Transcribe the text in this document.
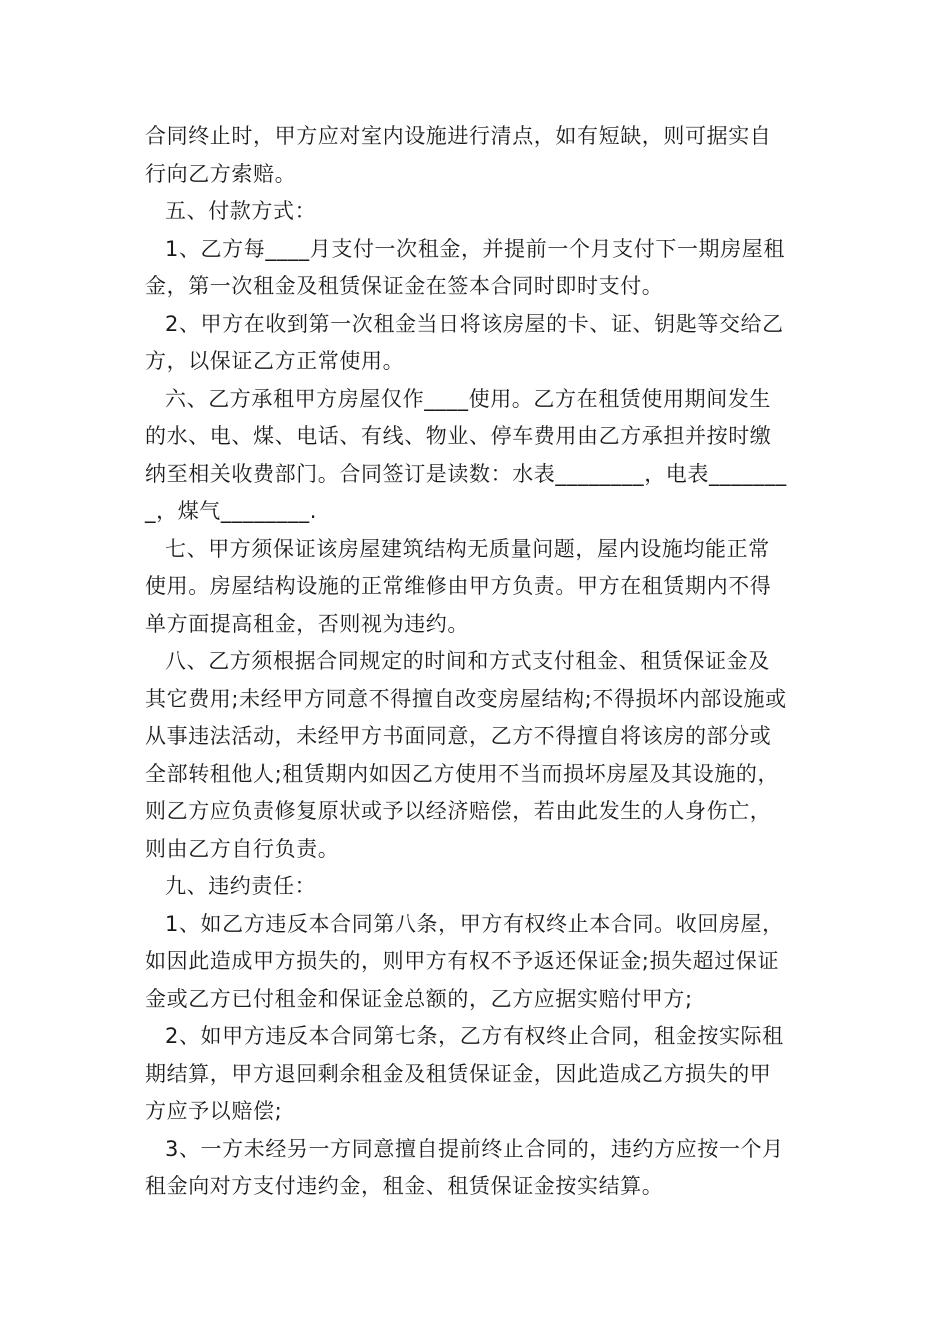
合同终止时，甲方应对室内设施进行清点，如有短缺，则可据实自
行向乙方索赔。
五、付款方式：
1、乙方每____月支付一次租金，并提前一个月支付下一期房屋租
金，第一次租金及租赁保证金在签本合同时即时支付。
2、甲方在收到第一次租金当日将该房屋的卡、证、钥匙等交给乙
方，以保证乙方正常使用。
六、乙方承租甲方房屋仅作____使用。乙方在租赁使用期间发生
的水、电、煤、电话、有线、物业、停车费用由乙方承担并按时缴
纳至相关收费部门。合同签订是读数：水表________，电表_______
_，煤气________.
七、甲方须保证该房屋建筑结构无质量问题，屋内设施均能正常
使用。房屋结构设施的正常维修由甲方负责。甲方在租赁期内不得
单方面提高租金，否则视为违约。
八、乙方须根据合同规定的时间和方式支付租金、租赁保证金及
其它费用;未经甲方同意不得擅自改变房屋结构;不得损坏内部设施或
从事违法活动，未经甲方书面同意，乙方不得擅自将该房的部分或
全部转租他人;租赁期内如因乙方使用不当而损坏房屋及其设施的，
则乙方应负责修复原状或予以经济赔偿，若由此发生的人身伤亡，
则由乙方自行负责。
九、违约责任：
1、如乙方违反本合同第八条，甲方有权终止本合同。收回房屋，
如因此造成甲方损失的，则甲方有权不予返还保证金;损失超过保证
金或乙方已付租金和保证金总额的，乙方应据实赔付甲方;
2、如甲方违反本合同第七条，乙方有权终止合同，租金按实际租
期结算，甲方退回剩余租金及租赁保证金，因此造成乙方损失的甲
方应予以赔偿;
3、一方未经另一方同意擅自提前终止合同的，违约方应按一个月
租金向对方支付违约金，租金、租赁保证金按实结算。
